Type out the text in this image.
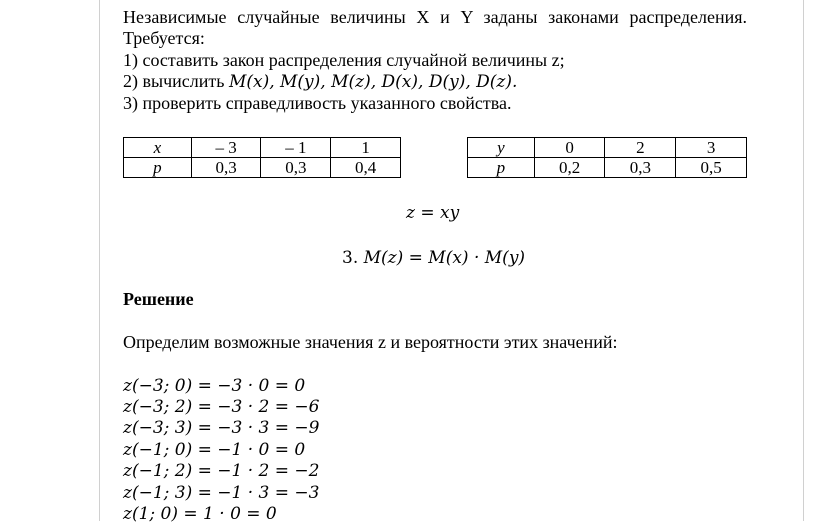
Независимые случайные величины X и Y заданы законами распределения.
Требуется:
1) составить закон распределения случайной величины z;
2) вычислить M(x), M(y), M(z), D(x), D(y), D(z).
3) проверить справедливость указанного свойства.
x	– 3	– 1	1
p	0,3	0,3	0,4
y	0	2	3
p	0,2	0,3	0,5
z = xy
3. M(z) = M(x) · M(y)
Решение
Определим возможные значения z и вероятности этих значений:
z(−3; 0) = −3 · 0 = 0
z(−3; 2) = −3 · 2 = −6
z(−3; 3) = −3 · 3 = −9
z(−1; 0) = −1 · 0 = 0
z(−1; 2) = −1 · 2 = −2
z(−1; 3) = −1 · 3 = −3
z(1; 0) = 1 · 0 = 0
